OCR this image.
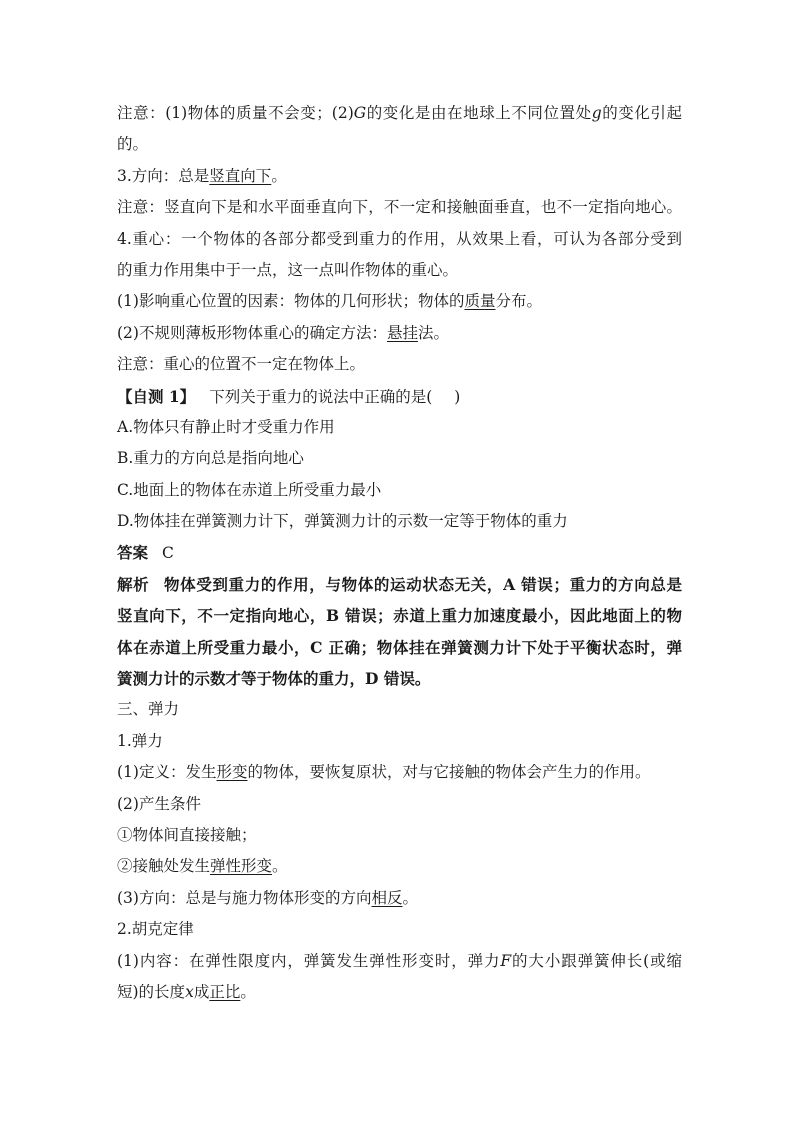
注意：(1)物体的质量不会变；(2)G的变化是由在地球上不同位置处g的变化引起
的。
3.方向：总是竖直向下。
注意：竖直向下是和水平面垂直向下，不一定和接触面垂直，也不一定指向地心。
4.重心：一个物体的各部分都受到重力的作用，从效果上看，可认为各部分受到
的重力作用集中于一点，这一点叫作物体的重心。
(1)影响重心位置的因素：物体的几何形状；物体的质量分布。
(2)不规则薄板形物体重心的确定方法：悬挂法。
注意：重心的位置不一定在物体上。
【自测 1】 下列关于重力的说法中正确的是( )
A.物体只有静止时才受重力作用
B.重力的方向总是指向地心
C.地面上的物体在赤道上所受重力最小
D.物体挂在弹簧测力计下，弹簧测力计的示数一定等于物体的重力
答案 C
解析 物体受到重力的作用，与物体的运动状态无关，A 错误；重力的方向总是
竖直向下，不一定指向地心，B 错误；赤道上重力加速度最小，因此地面上的物
体在赤道上所受重力最小，C 正确；物体挂在弹簧测力计下处于平衡状态时，弹
簧测力计的示数才等于物体的重力，D 错误。
三、弹力
1.弹力
(1)定义：发生形变的物体，要恢复原状，对与它接触的物体会产生力的作用。
(2)产生条件
①物体间直接接触；
②接触处发生弹性形变。
(3)方向：总是与施力物体形变的方向相反。
2.胡克定律
(1)内容：在弹性限度内，弹簧发生弹性形变时，弹力F的大小跟弹簧伸长(或缩
短)的长度x成正比。
